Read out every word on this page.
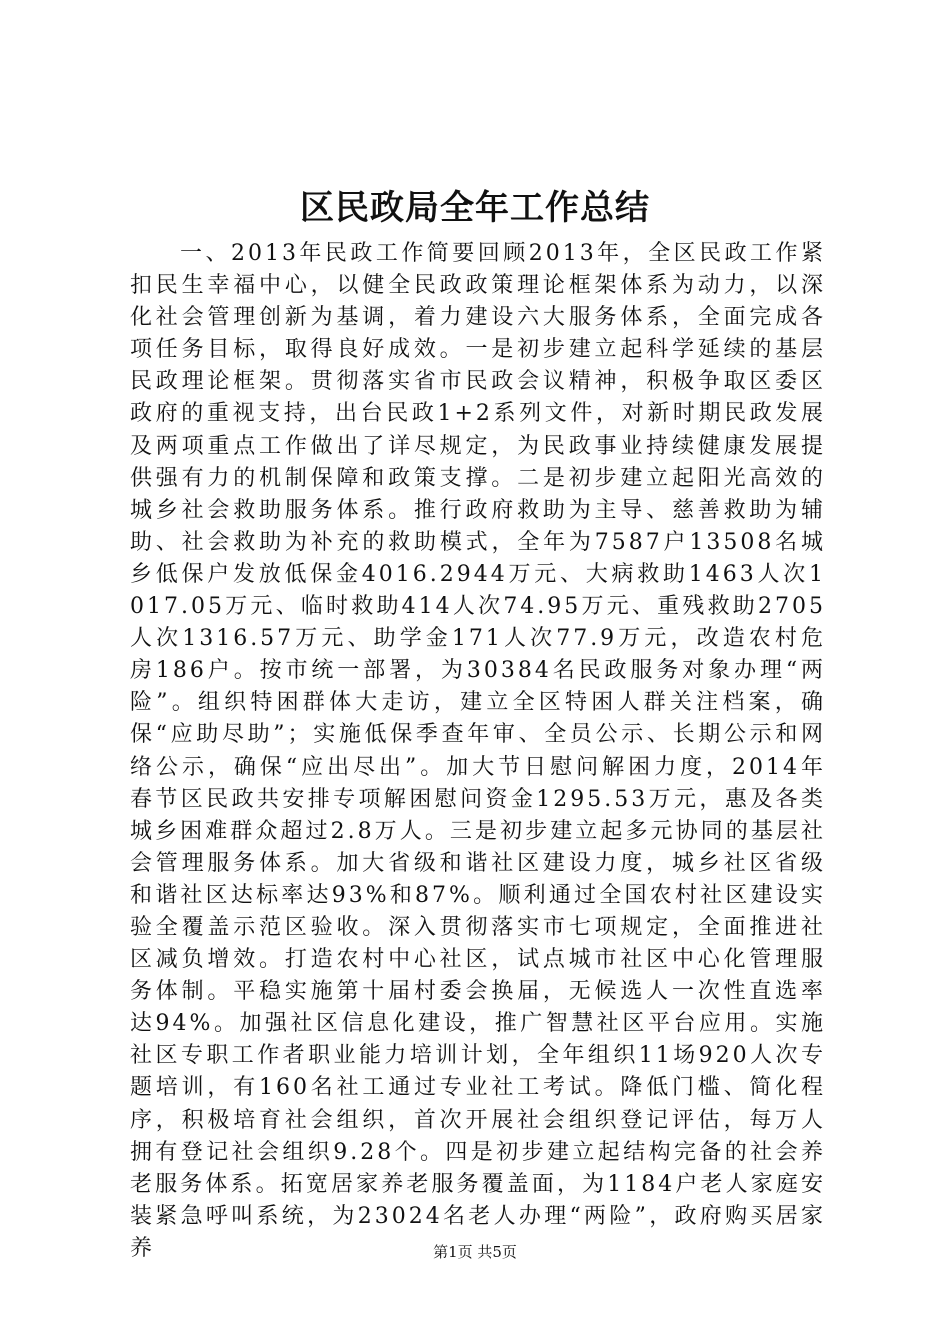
区民政局全年工作总结

一、2013年民政工作简要回顾2013年，全区民政工作紧扣民生幸福中心，以健全民政政策理论框架体系为动力，以深化社会管理创新为基调，着力建设六大服务体系，全面完成各项任务目标，取得良好成效。一是初步建立起科学延续的基层民政理论框架。贯彻落实省市民政会议精神，积极争取区委区政府的重视支持，出台民政1+2系列文件，对新时期民政发展及两项重点工作做出了详尽规定，为民政事业持续健康发展提供强有力的机制保障和政策支撑。二是初步建立起阳光高效的城乡社会救助服务体系。推行政府救助为主导、慈善救助为辅助、社会救助为补充的救助模式，全年为7587户13508名城乡低保户发放低保金4016.2944万元、大病救助1463人次1017.05万元、临时救助414人次74.95万元、重残救助2705人次1316.57万元、助学金171人次77.9万元，改造农村危房186户。按市统一部署，为30384名民政服务对象办理“两险”。组织特困群体大走访，建立全区特困人群关注档案，确保“应助尽助”；实施低保季查年审、全员公示、长期公示和网络公示，确保“应出尽出”。加大节日慰问解困力度，2014年春节区民政共安排专项解困慰问资金1295.53万元，惠及各类城乡困难群众超过2.8万人。三是初步建立起多元协同的基层社会管理服务体系。加大省级和谐社区建设力度，城乡社区省级和谐社区达标率达93%和87%。顺利通过全国农村社区建设实验全覆盖示范区验收。深入贯彻落实市七项规定，全面推进社区减负增效。打造农村中心社区，试点城市社区中心化管理服务体制。平稳实施第十届村委会换届，无候选人一次性直选率达94%。加强社区信息化建设，推广智慧社区平台应用。实施社区专职工作者职业能力培训计划，全年组织11场920人次专题培训，有160名社工通过专业社工考试。降低门槛、简化程序，积极培育社会组织，首次开展社会组织登记评估，每万人拥有登记社会组织9.28个。四是初步建立起结构完备的社会养老服务体系。拓宽居家养老服务覆盖面，为1184户老人家庭安装紧急呼叫系统，为23024名老人办理“两险”，政府购买居家养	第1页 共5页
